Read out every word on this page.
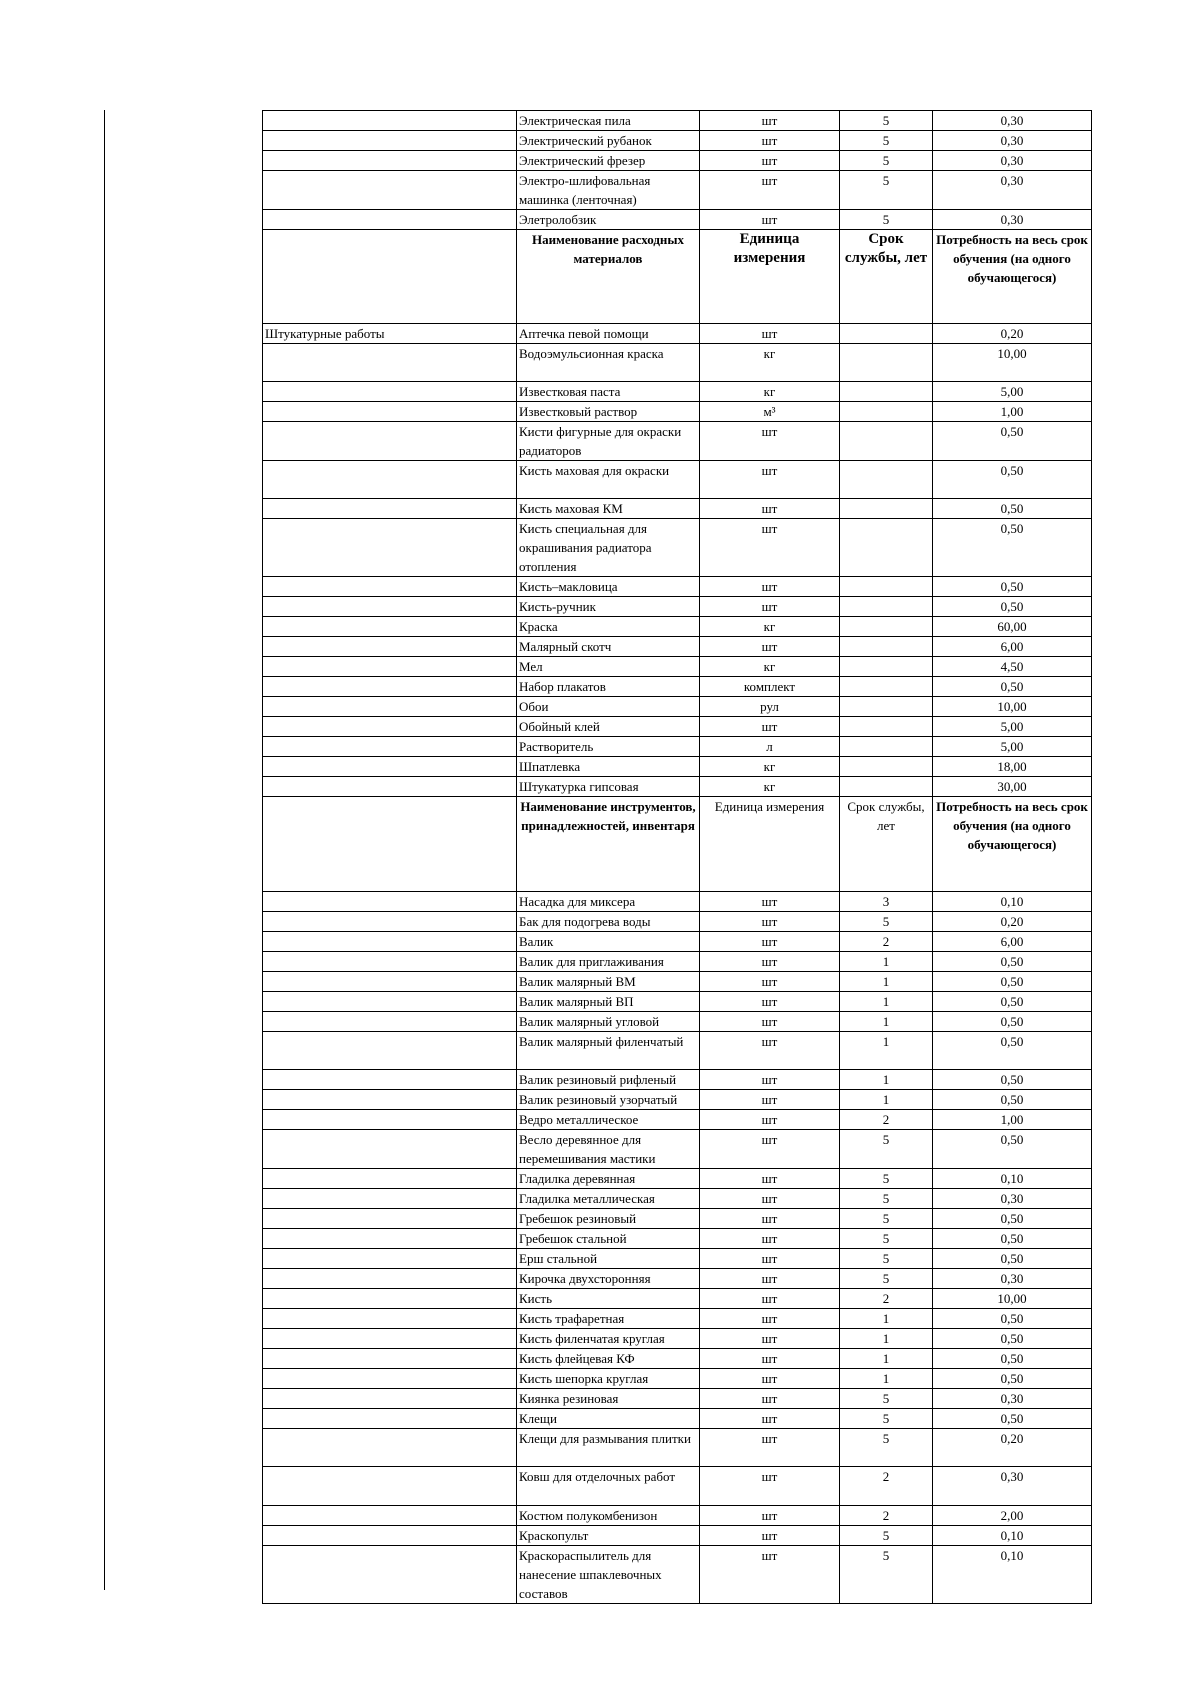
	Электрическая пила	шт	5	0,30
	Электрический рубанок	шт	5	0,30
	Электрический фрезер	шт	5	0,30
	Электро-шлифовальная машинка (ленточная)	шт	5	0,30
	Элетролобзик	шт	5	0,30
	Наименование расходных материалов	Единица измерения	Срок службы, лет	Потребность на весь срок обучения (на одного обучающегося)
Штукатурные работы	Аптечка певой помощи	шт		0,20
	Водоэмульсионная краска	кг		10,00
	Известковая паста	кг		5,00
	Известковый раствор	м³		1,00
	Кисти фигурные для окраски радиаторов	шт		0,50
	Кисть маховая для окраски	шт		0,50
	Кисть маховая КМ	шт		0,50
	Кисть специальная для окрашивания радиатора отопления	шт		0,50
	Кисть–макловица	шт		0,50
	Кисть-ручник	шт		0,50
	Краска	кг		60,00
	Малярный скотч	шт		6,00
	Мел	кг		4,50
	Набор плакатов	комплект		0,50
	Обои	рул		10,00
	Обойный клей	шт		5,00
	Растворитель	л		5,00
	Шпатлевка	кг		18,00
	Штукатурка гипсовая	кг		30,00
	Наименование инструментов, принадлежностей, инвентаря	Единица измерения	Срок службы, лет	Потребность на весь срок обучения (на одного обучающегося)
	Насадка для миксера	шт	3	0,10
	Бак для подогрева воды	шт	5	0,20
	Валик	шт	2	6,00
	Валик для приглаживания	шт	1	0,50
	Валик малярный ВМ	шт	1	0,50
	Валик малярный ВП	шт	1	0,50
	Валик малярный угловой	шт	1	0,50
	Валик малярный филенчатый	шт	1	0,50
	Валик резиновый рифленый	шт	1	0,50
	Валик резиновый узорчатый	шт	1	0,50
	Ведро металлическое	шт	2	1,00
	Весло деревянное для перемешивания мастики	шт	5	0,50
	Гладилка деревянная	шт	5	0,10
	Гладилка металлическая	шт	5	0,30
	Гребешок резиновый	шт	5	0,50
	Гребешок стальной	шт	5	0,50
	Ерш стальной	шт	5	0,50
	Кирочка двухсторонняя	шт	5	0,30
	Кисть	шт	2	10,00
	Кисть трафаретная	шт	1	0,50
	Кисть филенчатая круглая	шт	1	0,50
	Кисть флейцевая КФ	шт	1	0,50
	Кисть шепорка круглая	шт	1	0,50
	Киянка резиновая	шт	5	0,30
	Клещи	шт	5	0,50
	Клещи для размывания плитки	шт	5	0,20
	Ковш для отделочных работ	шт	2	0,30
	Костюм полукомбенизон	шт	2	2,00
	Краскопульт	шт	5	0,10
	Краскораспылитель для нанесение шпаклевочных составов	шт	5	0,10
